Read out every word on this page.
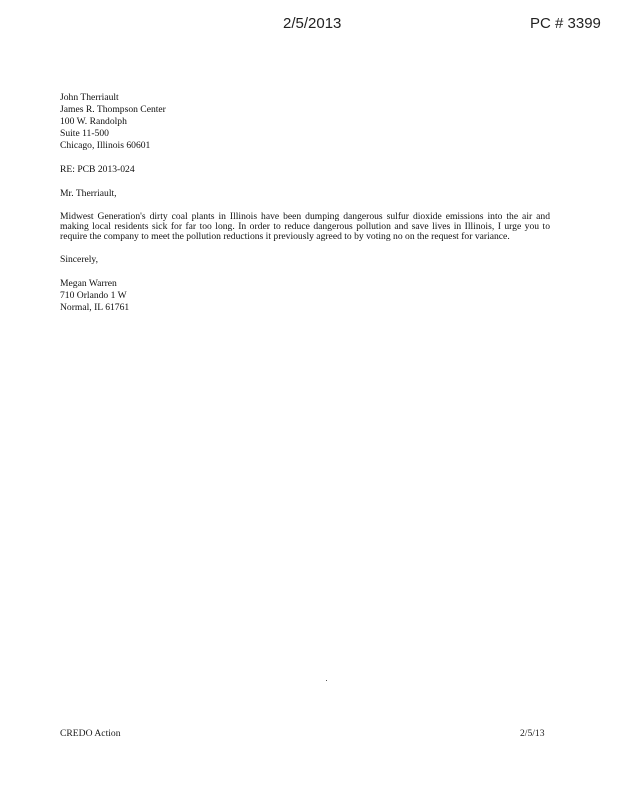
2/5/2013	PC # 3399
John Therriault
James R. Thompson Center
100 W. Randolph
Suite 11-500
Chicago, Illinois 60601
RE: PCB 2013-024
Mr. Therriault,
Midwest Generation's dirty coal plants in Illinois have been dumping dangerous sulfur dioxide emissions into the air and making local residents sick for far too long. In order to reduce dangerous pollution and save lives in Illinois, I urge you to require the company to meet the pollution reductions it previously agreed to by voting no on the request for variance.
Sincerely,
Megan Warren
710 Orlando 1 W
Normal, IL 61761
CREDO Action	2/5/13
